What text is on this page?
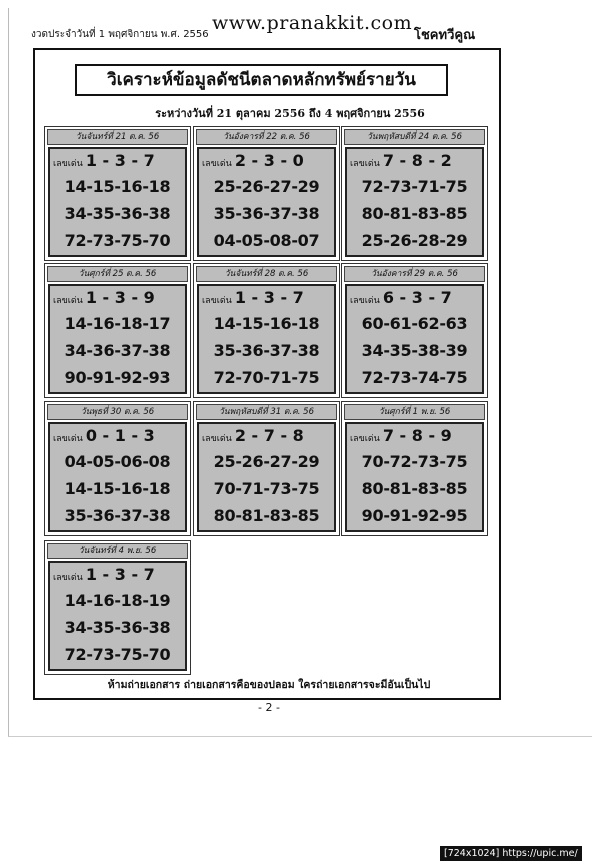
งวดประจำวันที่ 1 พฤศจิกายน พ.ศ. 2556
www.pranakkit.com
โชคทวีคูณ
วิเคราะห์ข้อมูลดัชนีตลาดหลักทรัพย์รายวัน
ระหว่างวันที่ 21 ตุลาคม 2556 ถึง 4 พฤศจิกายน 2556
วันจันทร์ที่ 21 ต.ค. 56
เลขเด่น 1 - 3 - 7
14-15-16-18
34-35-36-38
72-73-75-70
วันอังคารที่ 22 ต.ค. 56
เลขเด่น 2 - 3 - 0
25-26-27-29
35-36-37-38
04-05-08-07
วันพฤหัสบดีที่ 24 ต.ค. 56
เลขเด่น 7 - 8 - 2
72-73-71-75
80-81-83-85
25-26-28-29
วันศุกร์ที่ 25 ต.ค. 56
เลขเด่น 1 - 3 - 9
14-16-18-17
34-36-37-38
90-91-92-93
วันจันทร์ที่ 28 ต.ค. 56
เลขเด่น 1 - 3 - 7
14-15-16-18
35-36-37-38
72-70-71-75
วันอังคารที่ 29 ต.ค. 56
เลขเด่น 6 - 3 - 7
60-61-62-63
34-35-38-39
72-73-74-75
วันพุธที่ 30 ต.ค. 56
เลขเด่น 0 - 1 - 3
04-05-06-08
14-15-16-18
35-36-37-38
วันพฤหัสบดีที่ 31 ต.ค. 56
เลขเด่น 2 - 7 - 8
25-26-27-29
70-71-73-75
80-81-83-85
วันศุกร์ที่ 1 พ.ย. 56
เลขเด่น 7 - 8 - 9
70-72-73-75
80-81-83-85
90-91-92-95
วันจันทร์ที่ 4 พ.ย. 56
เลขเด่น 1 - 3 - 7
14-16-18-19
34-35-36-38
72-73-75-70
ห้ามถ่ายเอกสาร ถ่ายเอกสารคือของปลอม ใครถ่ายเอกสารจะมีอันเป็นไป
- 2 -
[724x1024] https://upic.me/
